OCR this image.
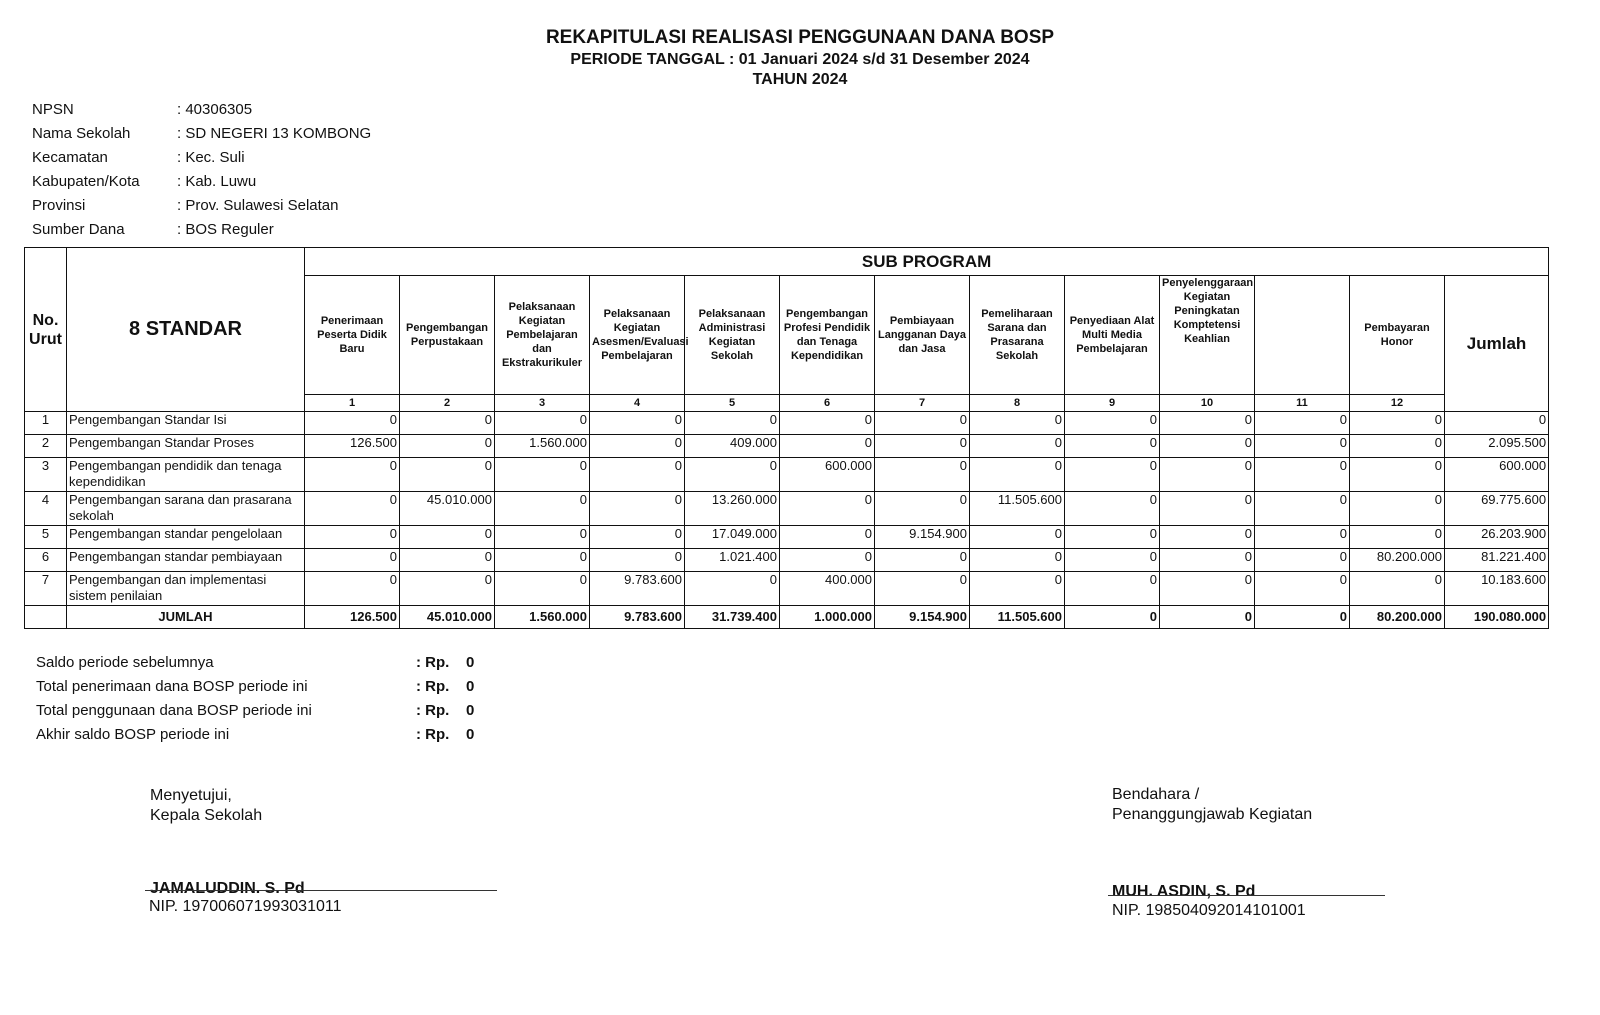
REKAPITULASI REALISASI PENGGUNAAN DANA BOSP
PERIODE TANGGAL : 01 Januari 2024 s/d 31 Desember 2024
TAHUN 2024
NPSN	: 40306305
Nama Sekolah	: SD NEGERI 13 KOMBONG
Kecamatan	: Kec. Suli
Kabupaten/Kota	: Kab. Luwu
Provinsi	: Prov. Sulawesi Selatan
Sumber Dana	: BOS Reguler
No. Urut	8 STANDAR	SUB PROGRAM												
		Penerimaan Peserta Didik Baru	Pengembangan Perpustakaan	Pelaksanaan Kegiatan Pembelajaran dan Ekstrakurikuler	Pelaksanaan Kegiatan Asesmen/Evaluasi Pembelajaran	Pelaksanaan Administrasi Kegiatan Sekolah	Pengembangan Profesi Pendidik dan Tenaga Kependidikan	Pembiayaan Langganan Daya dan Jasa	Pemeliharaan Sarana dan Prasarana Sekolah	Penyediaan Alat Multi Media Pembelajaran	Penyelenggaraan Kegiatan Peningkatan Komptetensi Keahlian		Pembayaran Honor	Jumlah
		1	2	3	4	5	6	7	8	9	10	11	12	
1	Pengembangan Standar Isi	0	0	0	0	0	0	0	0	0	0	0	0	0
2	Pengembangan Standar Proses	126.500	0	1.560.000	0	409.000	0	0	0	0	0	0	0	2.095.500
3	Pengembangan pendidik dan tenaga kependidikan	0	0	0	0	0	600.000	0	0	0	0	0	0	600.000
4	Pengembangan sarana dan prasarana sekolah	0	45.010.000	0	0	13.260.000	0	0	11.505.600	0	0	0	0	69.775.600
5	Pengembangan standar pengelolaan	0	0	0	0	17.049.000	0	9.154.900	0	0	0	0	0	26.203.900
6	Pengembangan standar pembiayaan	0	0	0	0	1.021.400	0	0	0	0	0	0	80.200.000	81.221.400
7	Pengembangan dan implementasi sistem penilaian	0	0	0	9.783.600	0	400.000	0	0	0	0	0	0	10.183.600
	JUMLAH	126.500	45.010.000	1.560.000	9.783.600	31.739.400	1.000.000	9.154.900	11.505.600	0	0	0	80.200.000	190.080.000
Saldo periode sebelumnya	: Rp.	0
Total penerimaan dana BOSP periode ini	: Rp.	0
Total penggunaan dana BOSP periode ini	: Rp.	0
Akhir saldo BOSP periode ini	: Rp.	0
Menyetujui,
Kepala Sekolah
JAMALUDDIN. S. Pd
NIP. 197006071993031011
Bendahara /
Penanggungjawab Kegiatan
MUH. ASDIN, S. Pd
NIP. 198504092014101001
